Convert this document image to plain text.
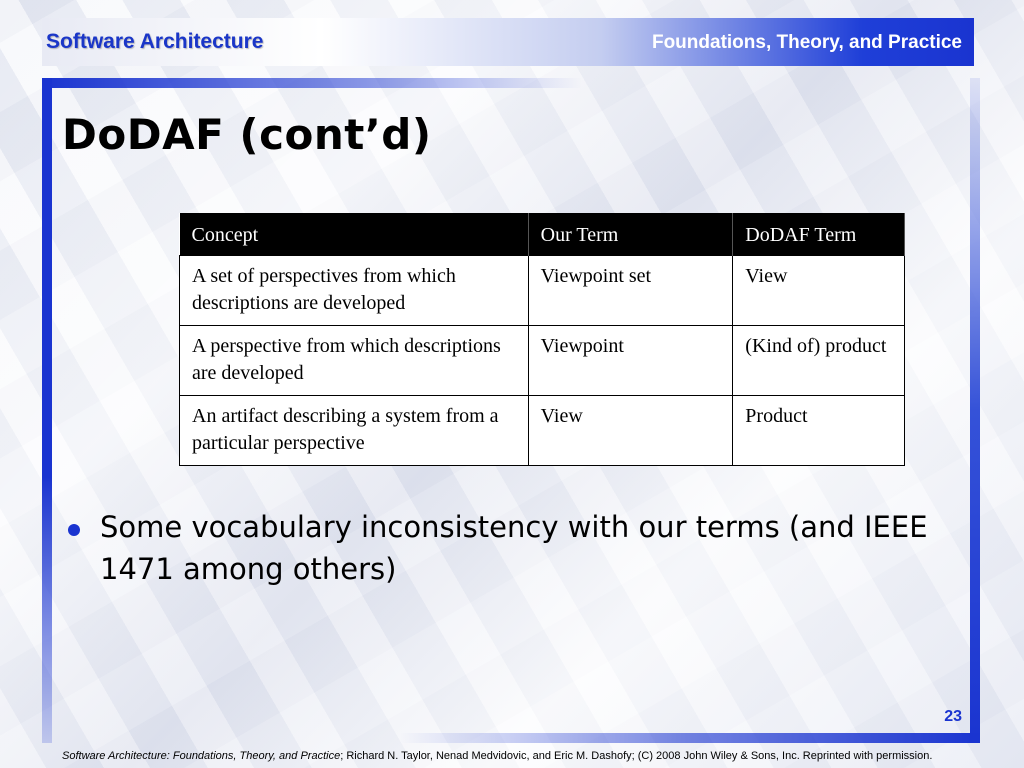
Software Architecture	Foundations, Theory, and Practice
DoDAF (cont’d)
Concept	Our Term	DoDAF Term
A set of perspectives from which descriptions are developed	Viewpoint set	View
A perspective from which descriptions are developed	Viewpoint	(Kind of) product
An artifact describing a system from a particular perspective	View	Product
Some vocabulary inconsistency with our terms (and IEEE 1471 among others)
23
Software Architecture: Foundations, Theory, and Practice; Richard N. Taylor, Nenad Medvidovic, and Eric M. Dashofy; (C) 2008 John Wiley & Sons, Inc. Reprinted with permission.
